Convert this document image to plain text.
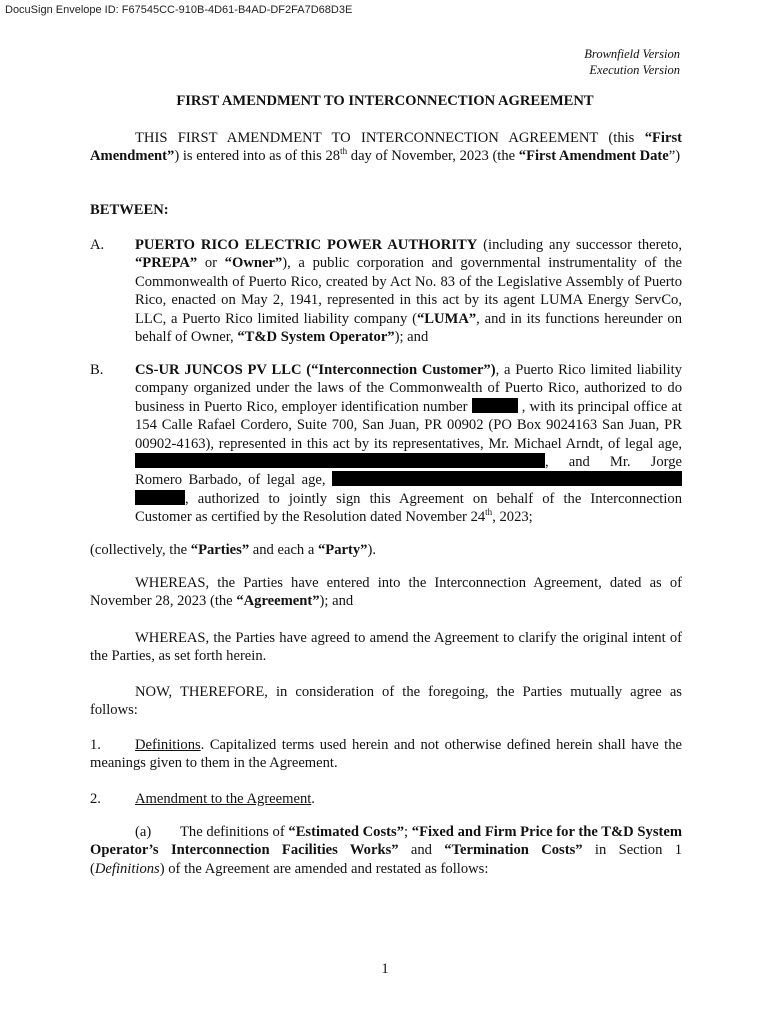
DocuSign Envelope ID: F67545CC-910B-4D61-B4AD-DF2FA7D68D3E
Brownfield Version
Execution Version
FIRST AMENDMENT TO INTERCONNECTION AGREEMENT
THIS FIRST AMENDMENT TO INTERCONNECTION AGREEMENT (this “First Amendment”) is entered into as of this 28th day of November, 2023 (the “First Amendment Date”)
BETWEEN:
A. PUERTO RICO ELECTRIC POWER AUTHORITY (including any successor thereto, “PREPA” or “Owner”), a public corporation and governmental instrumentality of the Commonwealth of Puerto Rico, created by Act No. 83 of the Legislative Assembly of Puerto Rico, enacted on May 2, 1941, represented in this act by its agent LUMA Energy ServCo, LLC, a Puerto Rico limited liability company (“LUMA”, and in its functions hereunder on behalf of Owner, “T&D System Operator”); and
B. CS-UR JUNCOS PV LLC (“Interconnection Customer”), a Puerto Rico limited liability company organized under the laws of the Commonwealth of Puerto Rico, authorized to do business in Puerto Rico, employer identification number	, with its principal office at 154 Calle Rafael Cordero, Suite 700, San Juan, PR 00902 (PO Box 9024163 San Juan, PR 00902-4163), represented in this act by its representatives, Mr. Michael Arndt, of legal age, , and Mr. Jorge Romero Barbado, of legal age,  , authorized to jointly sign this Agreement on behalf of the Interconnection Customer as certified by the Resolution dated November 24th, 2023;
(collectively, the “Parties” and each a “Party”).
WHEREAS, the Parties have entered into the Interconnection Agreement, dated as of November 28, 2023 (the “Agreement”); and
WHEREAS, the Parties have agreed to amend the Agreement to clarify the original intent of the Parties, as set forth herein.
NOW, THEREFORE, in consideration of the foregoing, the Parties mutually agree as follows:
1. Definitions. Capitalized terms used herein and not otherwise defined herein shall have the meanings given to them in the Agreement.
2. Amendment to the Agreement.
(a) The definitions of “Estimated Costs”; “Fixed and Firm Price for the T&D System Operator’s Interconnection Facilities Works” and “Termination Costs” in Section 1 (Definitions) of the Agreement are amended and restated as follows:
1
